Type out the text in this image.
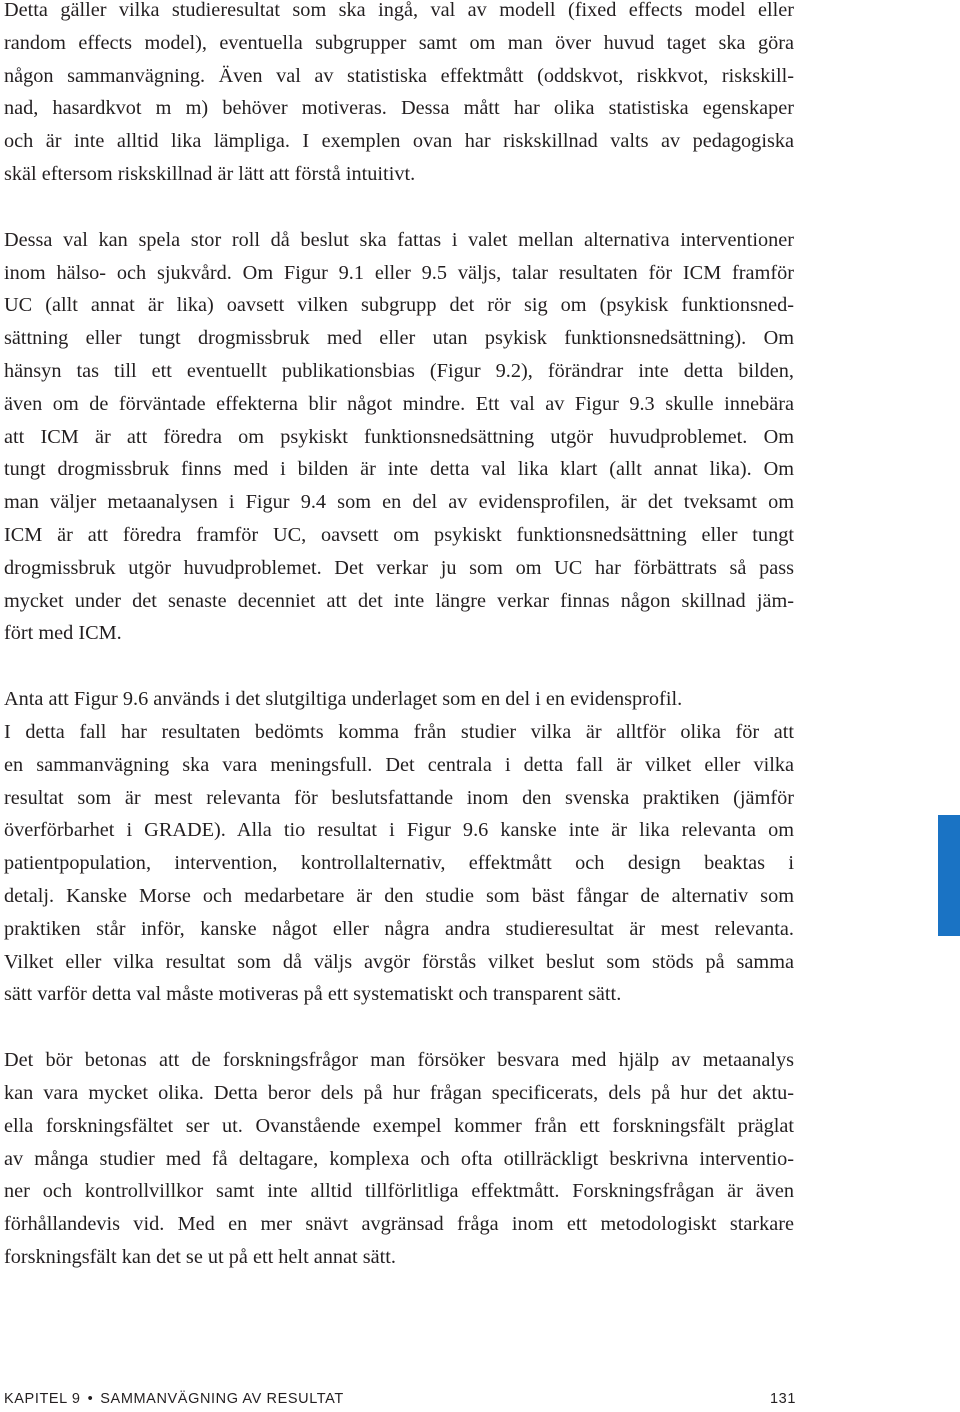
Detta gäller vilka studieresultat som ska ingå, val av modell (fixed effects model eller
random effects model), eventuella subgrupper samt om man över huvud taget ska göra
någon sammanvägning. Även val av statistiska effektmått (oddskvot, riskkvot, riskskill-
nad, hasardkvot m m) behöver motiveras. Dessa mått har olika statistiska egenskaper
och är inte alltid lika lämpliga. I exemplen ovan har riskskillnad valts av pedagogiska
skäl eftersom riskskillnad är lätt att förstå intuitivt.

Dessa val kan spela stor roll då beslut ska fattas i valet mellan alternativa interventioner
inom hälso- och sjukvård. Om Figur 9.1 eller 9.5 väljs, talar resultaten för ICM framför
UC (allt annat är lika) oavsett vilken subgrupp det rör sig om (psykisk funktionsned-
sättning eller tungt drogmissbruk med eller utan psykisk funktionsnedsättning). Om
hänsyn tas till ett eventuellt publikationsbias (Figur 9.2), förändrar inte detta bilden,
även om de förväntade effekterna blir något mindre. Ett val av Figur 9.3 skulle innebära
att ICM är att föredra om psykiskt funktionsnedsättning utgör huvudproblemet. Om
tungt drogmissbruk finns med i bilden är inte detta val lika klart (allt annat lika). Om
man väljer metaanalysen i Figur 9.4 som en del av evidensprofilen, är det tveksamt om
ICM är att föredra framför UC, oavsett om psykiskt funktionsnedsättning eller tungt
drogmissbruk utgör huvudproblemet. Det verkar ju som om UC har förbättrats så pass
mycket under det senaste decenniet att det inte längre verkar finnas någon skillnad jäm-
fört med ICM.

Anta att Figur 9.6 används i det slutgiltiga underlaget som en del i en evidensprofil.
I detta fall har resultaten bedömts komma från studier vilka är alltför olika för att
en sammanvägning ska vara meningsfull. Det centrala i detta fall är vilket eller vilka
resultat som är mest relevanta för beslutsfattande inom den svenska praktiken (jämför
överförbarhet i GRADE). Alla tio resultat i Figur 9.6 kanske inte är lika relevanta om
patientpopulation, intervention, kontrollalternativ, effektmått och design beaktas i
detalj. Kanske Morse och medarbetare är den studie som bäst fångar de alternativ som
praktiken står inför, kanske något eller några andra studieresultat är mest relevanta.
Vilket eller vilka resultat som då väljs avgör förstås vilket beslut som stöds på samma
sätt varför detta val måste motiveras på ett systematiskt och transparent sätt.

Det bör betonas att de forskningsfrågor man försöker besvara med hjälp av metaanalys
kan vara mycket olika. Detta beror dels på hur frågan specificerats, dels på hur det aktu-
ella forskningsfältet ser ut. Ovanstående exempel kommer från ett forskningsfält präglat
av många studier med få deltagare, komplexa och ofta otillräckligt beskrivna interventio-
ner och kontrollvillkor samt inte alltid tillförlitliga effektmått. Forskningsfrågan är även
förhållandevis vid. Med en mer snävt avgränsad fråga inom ett metodologiskt starkare
forskningsfält kan det se ut på ett helt annat sätt.

KAPITEL 9 • SAMMANVÄGNING AV RESULTAT	131
